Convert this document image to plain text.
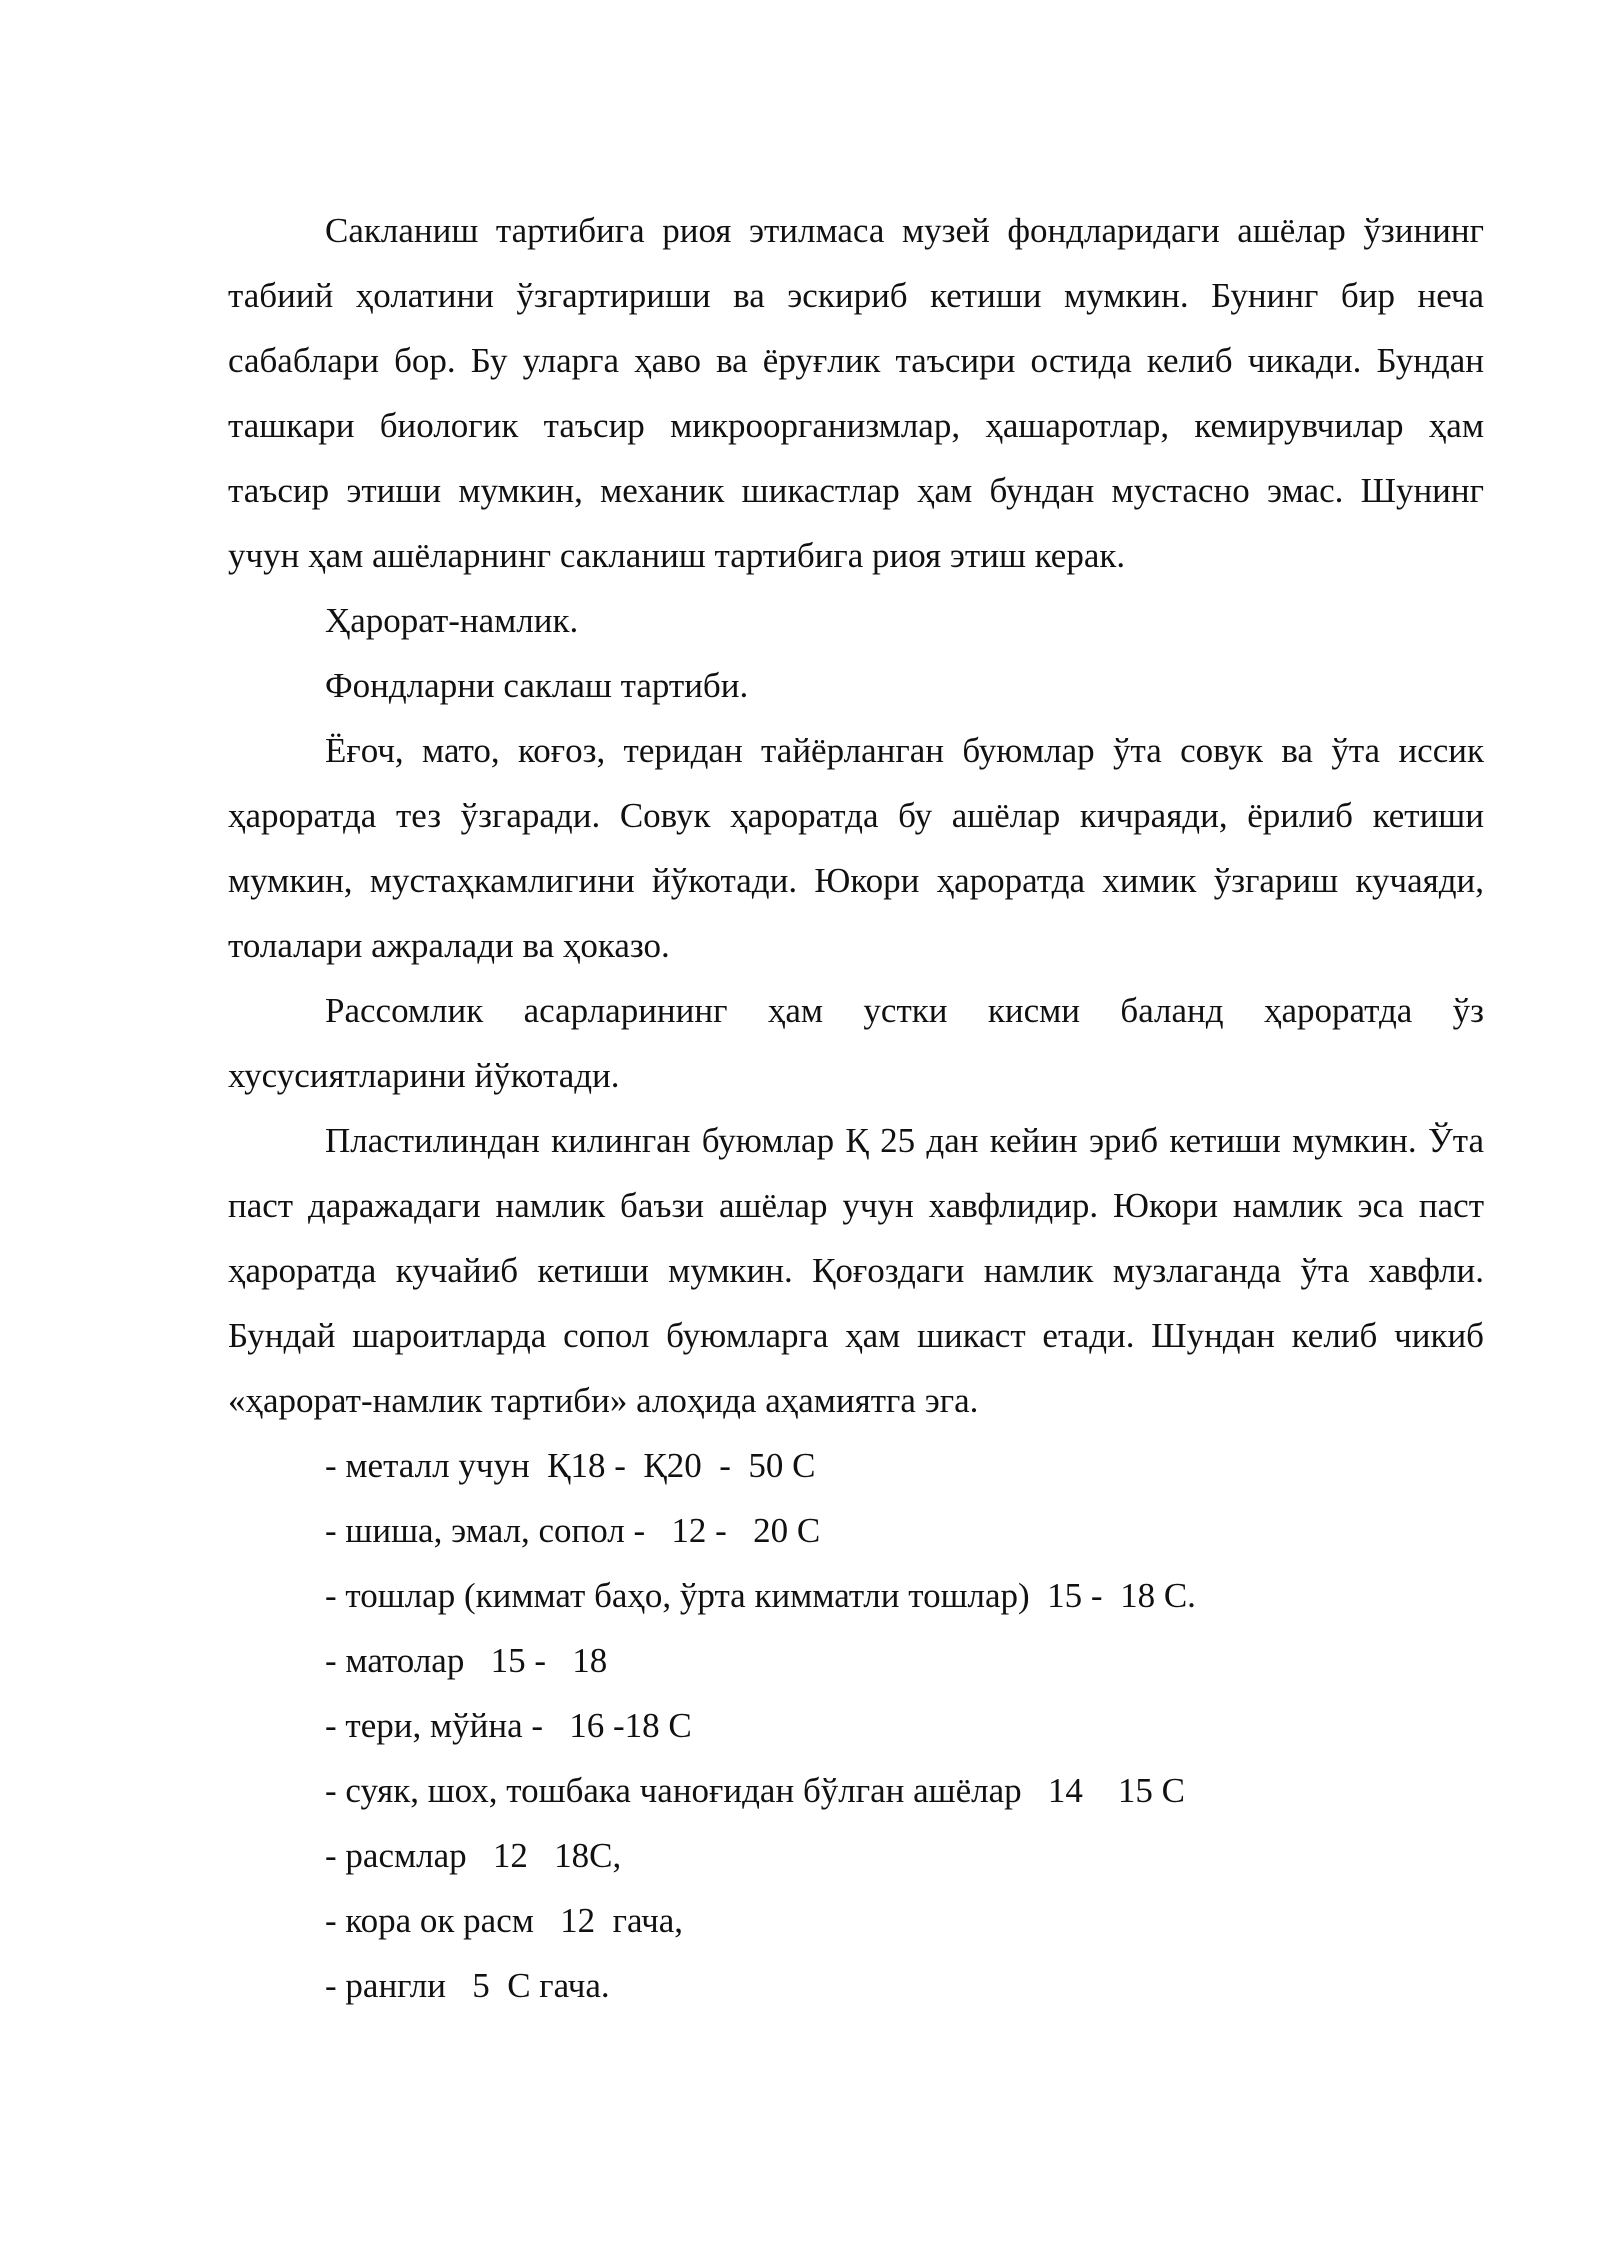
Сакланиш тартибига риоя этилмаса музей фондларидаги ашёлар ўзининг табиий ҳолатини ўзгартириши ва эскириб кетиши мумкин. Бунинг бир неча сабаблари бор. Бу уларга ҳаво ва ёруғлик таъсири остида келиб чикади. Бундан ташкари биологик таъсир микроорганизмлар, ҳашаротлар, кемирувчилар ҳам таъсир этиши мумкин, механик шикастлар ҳам бундан мустасно эмас. Шунинг учун ҳам ашёларнинг сакланиш тартибига риоя этиш керак.

Ҳарорат-намлик.

Фондларни саклаш тартиби.

Ёғоч, мато, коғоз, теридан тайёрланган буюмлар ўта совук ва ўта иссик ҳароратда тез ўзгаради. Совук ҳароратда бу ашёлар кичраяди, ёрилиб кетиши мумкин, мустаҳкамлигини йўкотади. Юкори ҳароратда химик ўзгариш кучаяди, толалари ажралади ва ҳоказо.

Рассомлик асарларининг ҳам устки кисми баланд ҳароратда ўз хусусиятларини йўкотади.

Пластилиндан килинган буюмлар Қ 25 дан кейин эриб кетиши мумкин. Ўта паст даражадаги намлик баъзи ашёлар учун хавфлидир. Юкори намлик эса паст ҳароратда кучайиб кетиши мумкин. Қоғоздаги намлик музлаганда ўта хавфли. Бундай шароитларда сопол буюмларга ҳам шикаст етади. Шундан келиб чикиб «ҳарорат-намлик тартиби» алоҳида аҳамиятга эга.

- металл учун  Қ18 -  Қ20  -  50 С
- шиша, эмал, сопол -   12 -   20 С
- тошлар (киммат баҳо, ўрта кимматли тошлар)  15 -  18 С.
- матолар   15 -   18
- тери, мўйна -   16 -18 С
- суяк, шох, тошбака чаноғидан бўлган ашёлар   14    15 С
- расмлар   12   18С,
- кора ок расм   12  гача,
- рангли   5  С гача.
